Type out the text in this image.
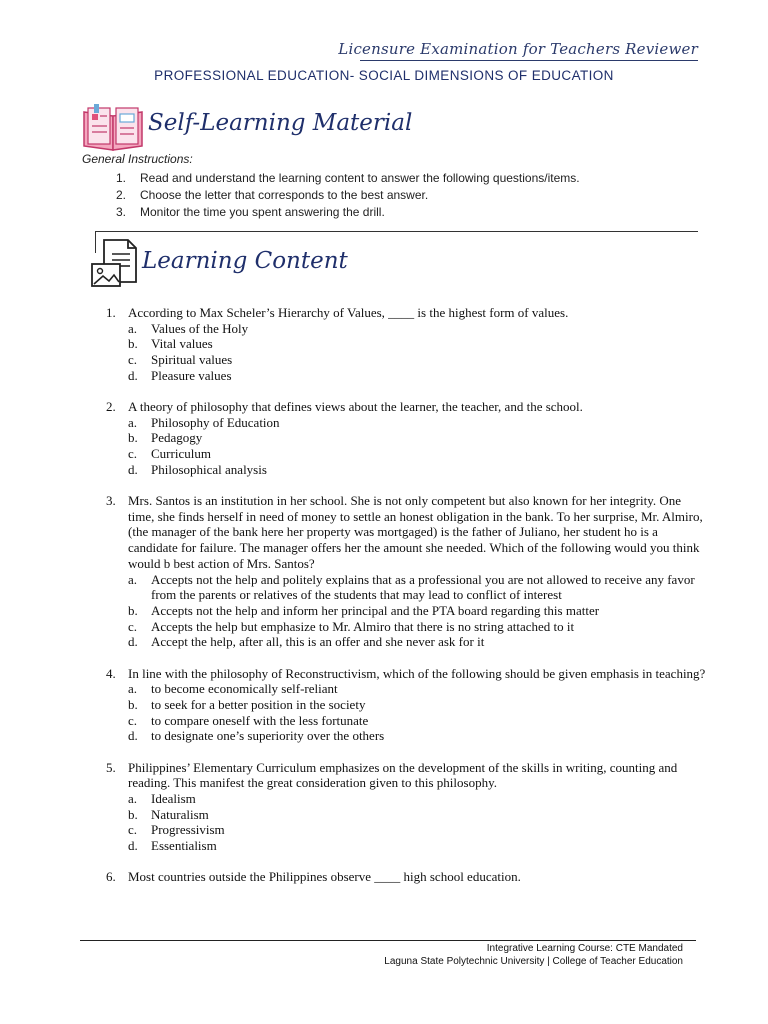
Licensure Examination for Teachers Reviewer
PROFESSIONAL EDUCATION- SOCIAL DIMENSIONS OF EDUCATION
Self-Learning Material
General Instructions:
1.	Read and understand the learning content to answer the following questions/items.
2.	Choose the letter that corresponds to the best answer.
3.	Monitor the time you spent answering the drill.
Learning Content
1. According to Max Scheler’s Hierarchy of Values, ____ is the highest form of values.
a.	Values of the Holy
b.	Vital values
c.	Spiritual values
d.	Pleasure values
2. A theory of philosophy that defines views about the learner, the teacher, and the school.
a.	Philosophy of Education
b.	Pedagogy
c.	Curriculum
d.	Philosophical analysis
3. Mrs. Santos is an institution in her school. She is not only competent but also known for her integrity. One time, she finds herself in need of money to settle an honest obligation in the bank. To her surprise, Mr. Almiro, (the manager of the bank here her property was mortgaged) is the father of Juliano, her student ho is a candidate for failure. The manager offers her the amount she needed. Which of the following would you think would b best action of Mrs. Santos?
a.	Accepts not the help and politely explains that as a professional you are not allowed to receive any favor from the parents or relatives of the students that may lead to conflict of interest
b.	Accepts not the help and inform her principal and the PTA board regarding this matter
c.	Accepts the help but emphasize to Mr. Almiro that there is no string attached to it
d.	Accept the help, after all, this is an offer and she never ask for it
4. In line with the philosophy of Reconstructivism, which of the following should be given emphasis in teaching?
a.	to become economically self-reliant
b.	to seek for a better position in the society
c.	to compare oneself with the less fortunate
d.	to designate one’s superiority over the others
5. Philippines’ Elementary Curriculum emphasizes on the development of the skills in writing, counting and reading. This manifest the great consideration given to this philosophy.
a.	Idealism
b.	Naturalism
c.	Progressivism
d.	Essentialism
6. Most countries outside the Philippines observe ____ high school education.
Integrative Learning Course: CTE Mandated
Laguna State Polytechnic University | College of Teacher Education
